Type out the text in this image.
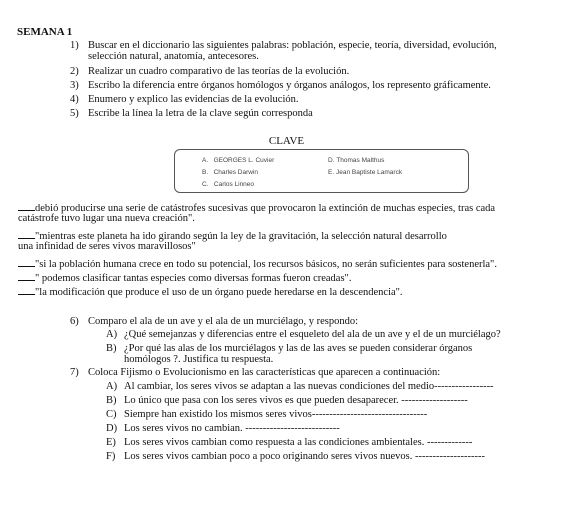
SEMANA 1
1) Buscar en el diccionario las siguientes palabras: población, especie, teoría, diversidad, evolución,
selección natural, anatomía, antecesores.
2) Realizar un cuadro comparativo de las teorías de la evolución.
3) Escribo la diferencia entre órganos homólogos y órganos análogos, los represento gráficamente.
4) Enumero y explico las evidencias de la evolución.
5) Escribe la línea la letra de la clave según corresponda
CLAVE
A. GEORGES L. Cuvier
B. Charles Darwin
C. Carlos Linneo
D. Thomas Malthus
E. Jean Baptiste Lamarck
debió producirse una serie de catástrofes sucesivas que provocaron la extinción de muchas especies, tras cada
catástrofe tuvo lugar una nueva creación".
"mientras este planeta ha ido girando según la ley de la gravitación, la selección natural desarrollo
una infinidad de seres vivos maravillosos"
"si la población humana crece en todo su potencial, los recursos básicos, no serán suficientes para sostenerla".
" podemos clasificar tantas especies como diversas formas fueron creadas".
"la modificación que produce el uso de un órgano puede heredarse en la descendencia".
6) Comparo el ala de un ave y el ala de un murciélago, y respondo:
A) ¿Qué semejanzas y diferencias entre el esqueleto del ala de un ave y el de un murciélago?
B) ¿Por qué las alas de los murciélagos y las de las aves se pueden considerar órganos
homólogos ?. Justifica tu respuesta.
7) Coloca Fijismo o Evolucionismo en las características que aparecen a continuación:
A) Al cambiar, los seres vivos se adaptan a las nuevas condiciones del medio-----------------
B) Lo único que pasa con los seres vivos es que pueden desaparecer. -------------------
C) Siempre han existido los mismos seres vivos---------------------------------
D) Los seres vivos no cambian. ---------------------------
E) Los seres vivos cambian como respuesta a las condiciones ambientales. -------------
F) Los seres vivos cambian poco a poco originando seres vivos nuevos. --------------------
